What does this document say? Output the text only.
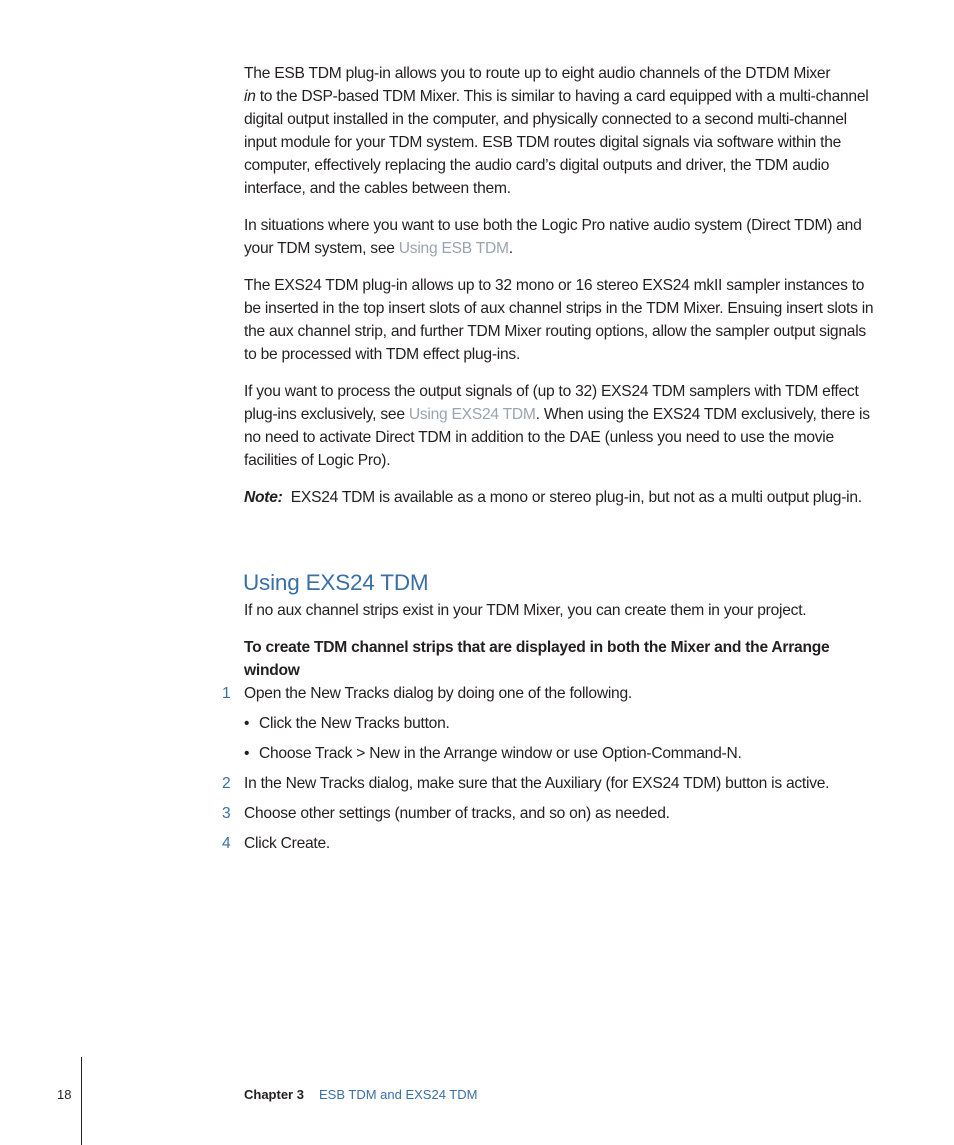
The ESB TDM plug-in allows you to route up to eight audio channels of the DTDM Mixer
in to the DSP-based TDM Mixer. This is similar to having a card equipped with a multi-channel digital output installed in the computer, and physically connected to a second multi-channel input module for your TDM system. ESB TDM routes digital signals via software within the computer, effectively replacing the audio card’s digital outputs and driver, the TDM audio interface, and the cables between them.

In situations where you want to use both the Logic Pro native audio system (Direct TDM) and your TDM system, see Using ESB TDM.

The EXS24 TDM plug-in allows up to 32 mono or 16 stereo EXS24 mkII sampler instances to be inserted in the top insert slots of aux channel strips in the TDM Mixer. Ensuing insert slots in the aux channel strip, and further TDM Mixer routing options, allow the sampler output signals to be processed with TDM effect plug-ins.

If you want to process the output signals of (up to 32) EXS24 TDM samplers with TDM effect plug-ins exclusively, see Using EXS24 TDM. When using the EXS24 TDM exclusively, there is no need to activate Direct TDM in addition to the DAE (unless you need to use the movie facilities of Logic Pro).

Note: EXS24 TDM is available as a mono or stereo plug-in, but not as a multi output plug-in.

Using EXS24 TDM

If no aux channel strips exist in your TDM Mixer, you can create them in your project.

To create TDM channel strips that are displayed in both the Mixer and the Arrange window

1 Open the New Tracks dialog by doing one of the following.

• Click the New Tracks button.
• Choose Track > New in the Arrange window or use Option-Command-N.
2 In the New Tracks dialog, make sure that the Auxiliary (for EXS24 TDM) button is active.

3 Choose other settings (number of tracks, and so on) as needed.

4 Click Create.

18	Chapter 3 ESB TDM and EXS24 TDM
